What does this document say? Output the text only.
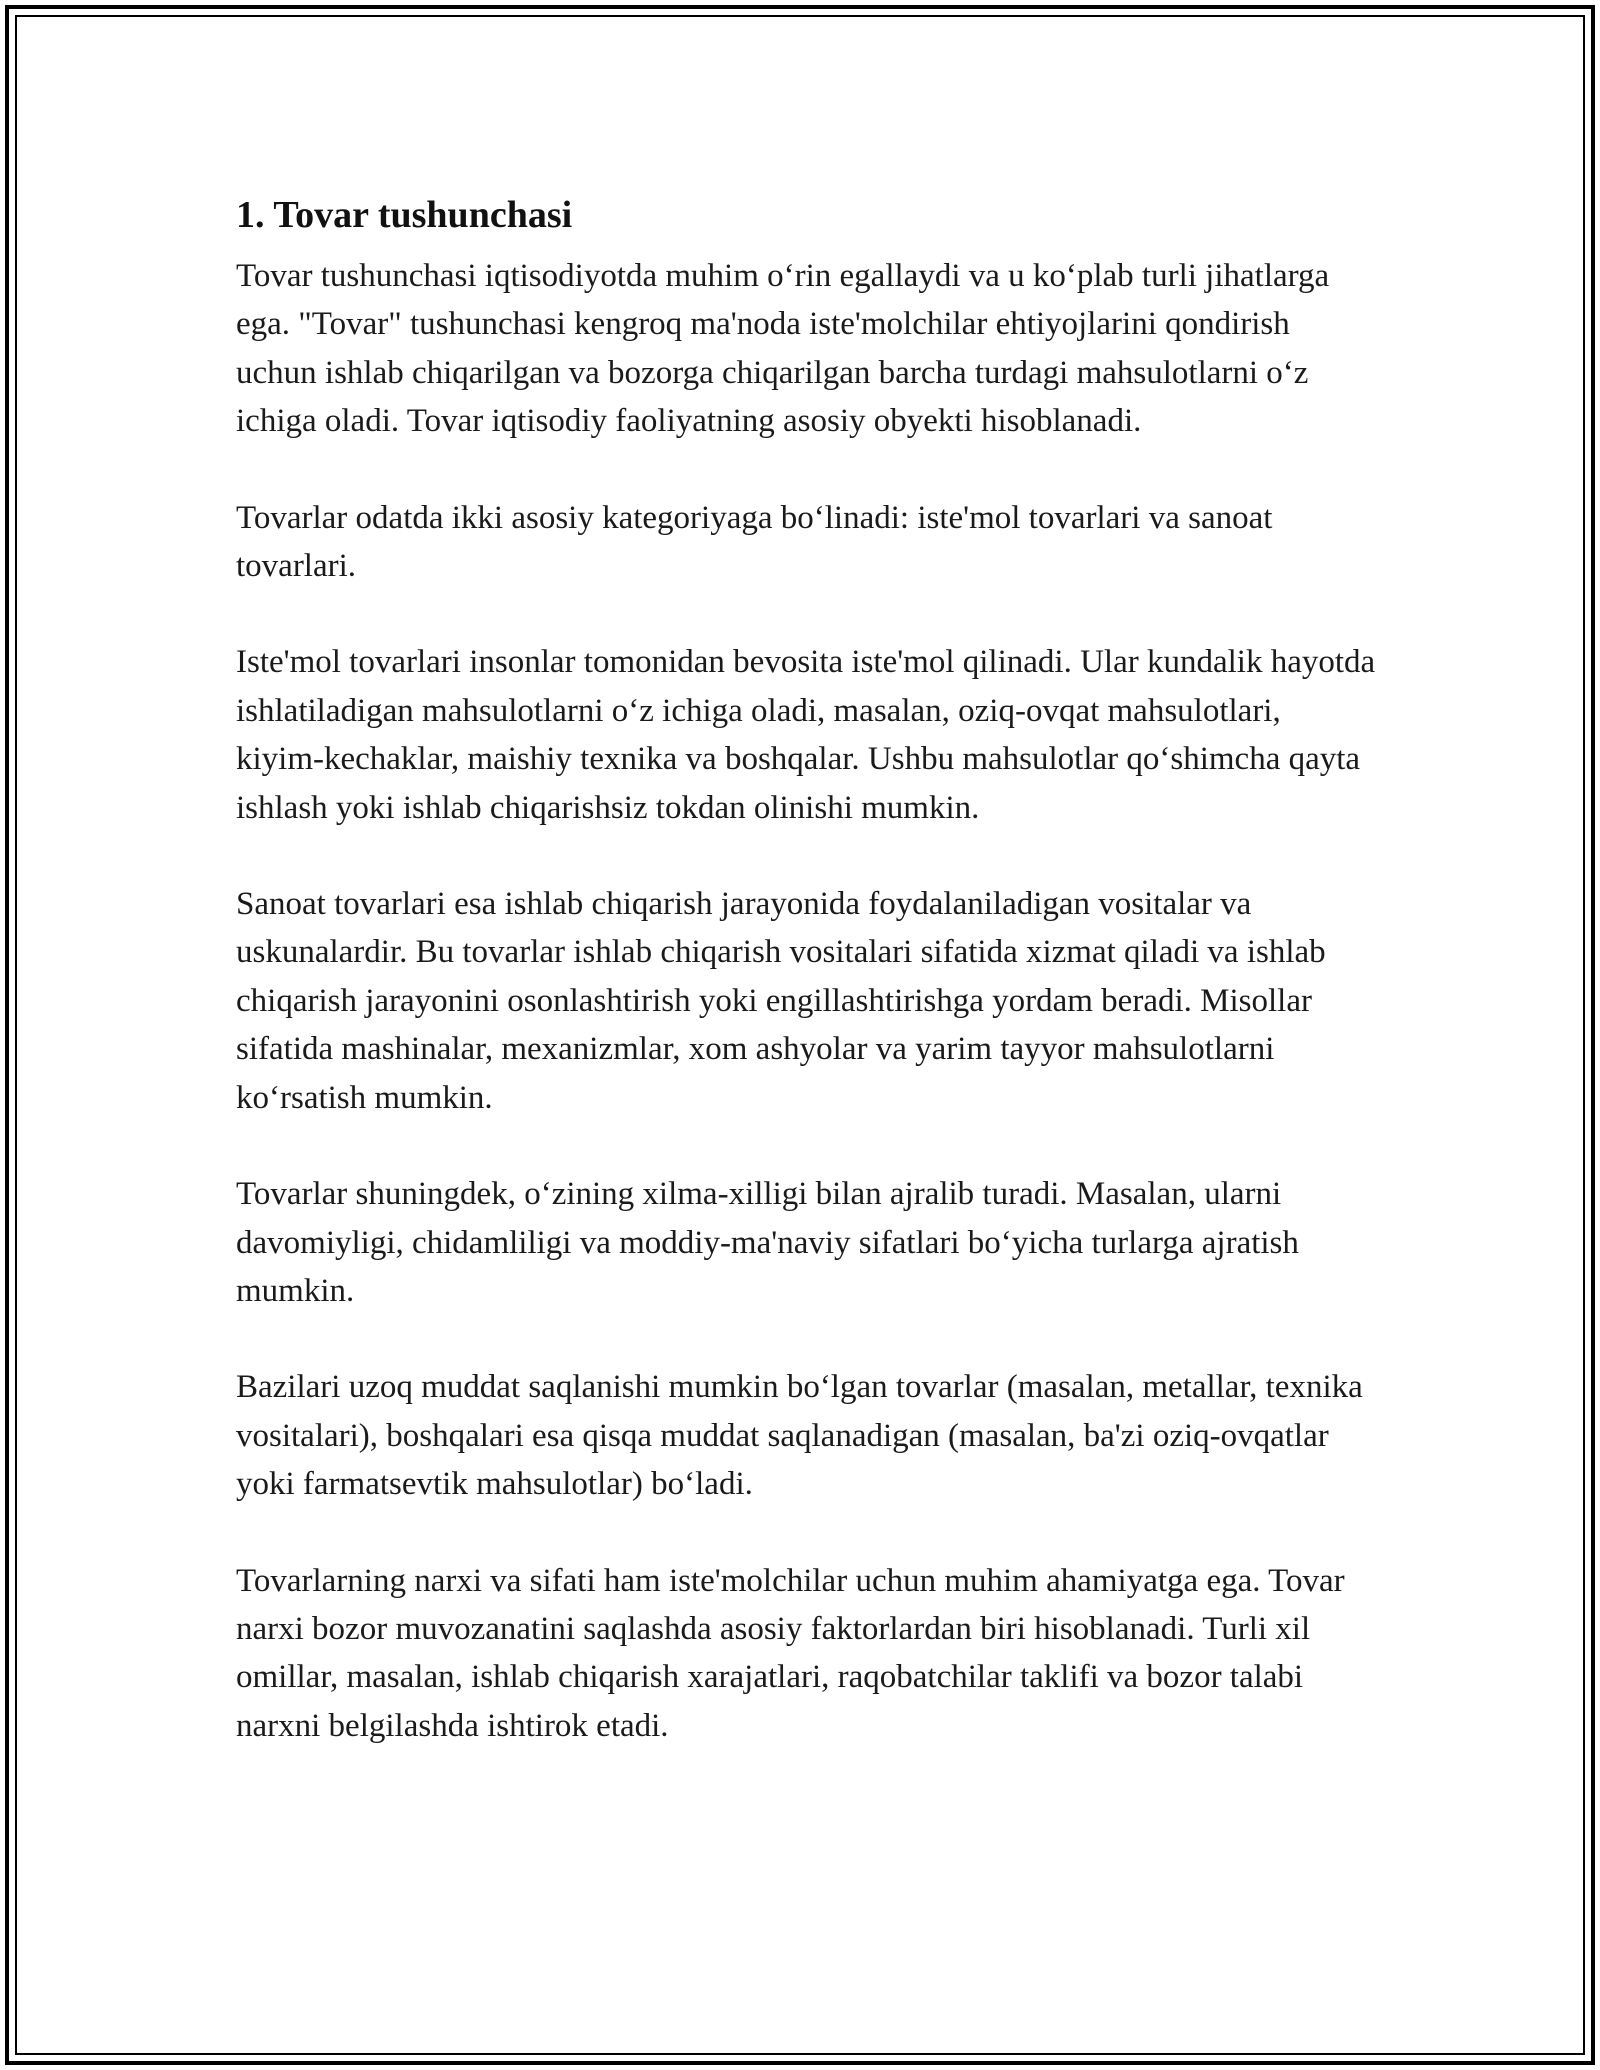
1. Tovar tushunchasi

Tovar tushunchasi iqtisodiyotda muhim o‘rin egallaydi va u ko‘plab turli jihatlarga ega. "Tovar" tushunchasi kengroq ma'noda iste'molchilar ehtiyojlarini qondirish uchun ishlab chiqarilgan va bozorga chiqarilgan barcha turdagi mahsulotlarni o‘z ichiga oladi. Tovar iqtisodiy faoliyatning asosiy obyekti hisoblanadi.

Tovarlar odatda ikki asosiy kategoriyaga bo‘linadi: iste'mol tovarlari va sanoat tovarlari.

Iste'mol tovarlari insonlar tomonidan bevosita iste'mol qilinadi. Ular kundalik hayotda ishlatiladigan mahsulotlarni o‘z ichiga oladi, masalan, oziq-ovqat mahsulotlari, kiyim-kechaklar, maishiy texnika va boshqalar. Ushbu mahsulotlar qo‘shimcha qayta ishlash yoki ishlab chiqarishsiz tokdan olinishi mumkin.

Sanoat tovarlari esa ishlab chiqarish jarayonida foydalaniladigan vositalar va uskunalardir. Bu tovarlar ishlab chiqarish vositalari sifatida xizmat qiladi va ishlab chiqarish jarayonini osonlashtirish yoki engillashtirishga yordam beradi. Misollar sifatida mashinalar, mexanizmlar, xom ashyolar va yarim tayyor mahsulotlarni ko‘rsatish mumkin.

Tovarlar shuningdek, o‘zining xilma-xilligi bilan ajralib turadi. Masalan, ularni davomiyligi, chidamliligi va moddiy-ma'naviy sifatlari bo‘yicha turlarga ajratish mumkin.

Bazilari uzoq muddat saqlanishi mumkin bo‘lgan tovarlar (masalan, metallar, texnika vositalari), boshqalari esa qisqa muddat saqlanadigan (masalan, ba'zi oziq-ovqatlar yoki farmatsevtik mahsulotlar) bo‘ladi.

Tovarlarning narxi va sifati ham iste'molchilar uchun muhim ahamiyatga ega. Tovar narxi bozor muvozanatini saqlashda asosiy faktorlardan biri hisoblanadi. Turli xil omillar, masalan, ishlab chiqarish xarajatlari, raqobatchilar taklifi va bozor talabi narxni belgilashda ishtirok etadi.
